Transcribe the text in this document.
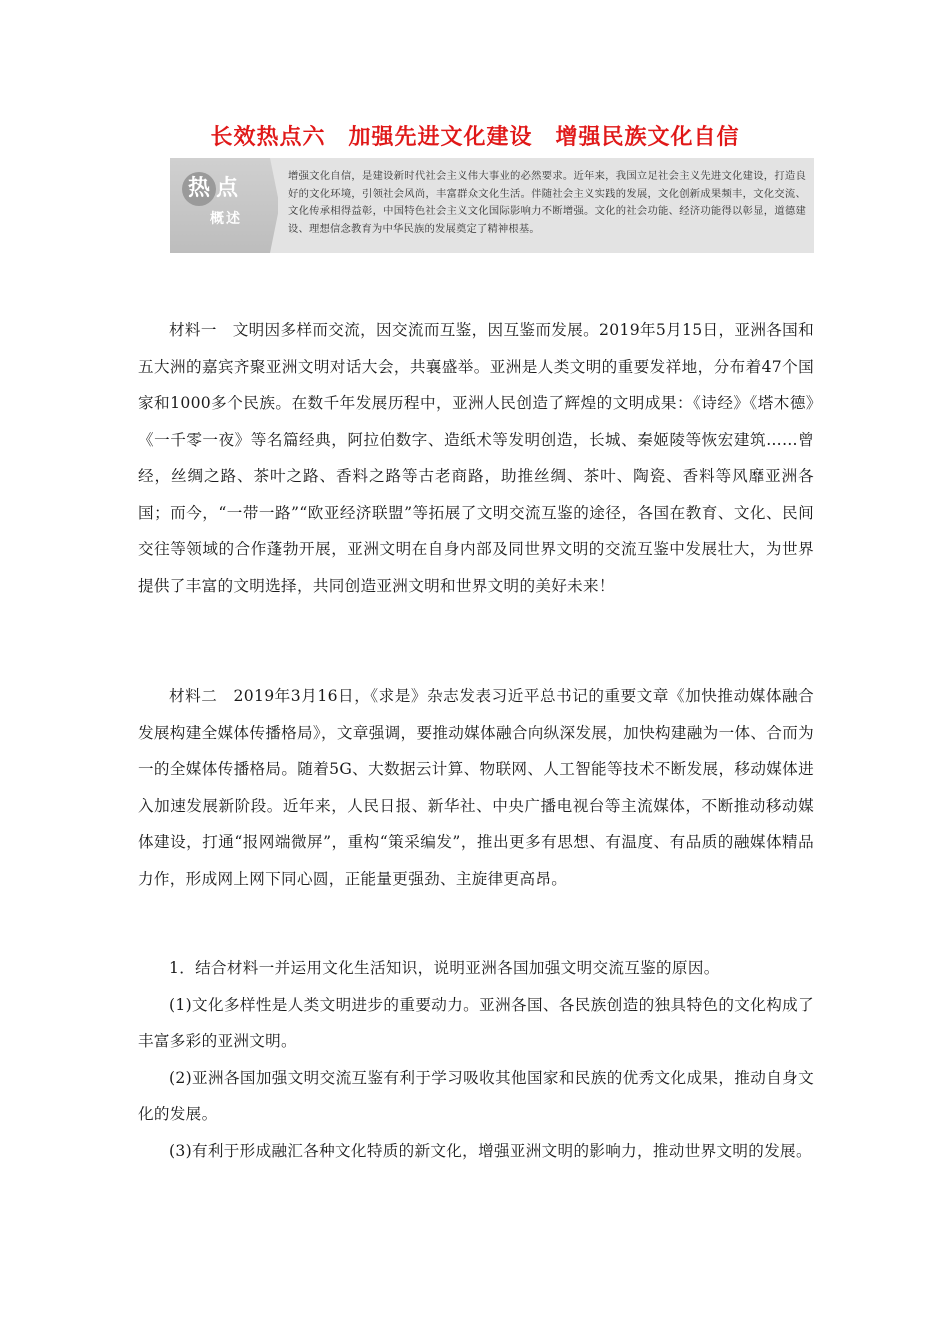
长效热点六　加强先进文化建设　增强民族文化自信
热 点
概述
增强文化自信，是建设新时代社会主义伟大事业的必然要求。近年来，我国立足社会主义先进文化建设，打造良好的文化环境，引领社会风尚，丰富群众文化生活。伴随社会主义实践的发展，文化创新成果频丰，文化交流、文化传承相得益彰，中国特色社会主义文化国际影响力不断增强。文化的社会功能、经济功能得以彰显，道德建设、理想信念教育为中华民族的发展奠定了精神根基。

材料一　文明因多样而交流，因交流而互鉴，因互鉴而发展。2019年5月15日，亚洲各国和五大洲的嘉宾齐聚亚洲文明对话大会，共襄盛举。亚洲是人类文明的重要发祥地，分布着47个国家和1000多个民族。在数千年发展历程中，亚洲人民创造了辉煌的文明成果：《诗经》《塔木德》《一千零一夜》等名篇经典，阿拉伯数字、造纸术等发明创造，长城、秦姬陵等恢宏建筑……曾经，丝绸之路、茶叶之路、香料之路等古老商路，助推丝绸、茶叶、陶瓷、香料等风靡亚洲各国；而今，“一带一路”“欧亚经济联盟”等拓展了文明交流互鉴的途径，各国在教育、文化、民间交往等领域的合作蓬勃开展，亚洲文明在自身内部及同世界文明的交流互鉴中发展壮大，为世界提供了丰富的文明选择，共同创造亚洲文明和世界文明的美好未来！

材料二　2019年3月16日，《求是》杂志发表习近平总书记的重要文章《加快推动媒体融合发展构建全媒体传播格局》，文章强调，要推动媒体融合向纵深发展，加快构建融为一体、合而为一的全媒体传播格局。随着5G、大数据云计算、物联网、人工智能等技术不断发展，移动媒体进入加速发展新阶段。近年来，人民日报、新华社、中央广播电视台等主流媒体，不断推动移动媒体建设，打通“报网端微屏”，重构“策采编发”，推出更多有思想、有温度、有品质的融媒体精品力作，形成网上网下同心圆，正能量更强劲、主旋律更高昂。

1．结合材料一并运用文化生活知识，说明亚洲各国加强文明交流互鉴的原因。

(1)文化多样性是人类文明进步的重要动力。亚洲各国、各民族创造的独具特色的文化构成了丰富多彩的亚洲文明。

(2)亚洲各国加强文明交流互鉴有利于学习吸收其他国家和民族的优秀文化成果，推动自身文化的发展。

(3)有利于形成融汇各种文化特质的新文化，增强亚洲文明的影响力，推动世界文明的发展。
